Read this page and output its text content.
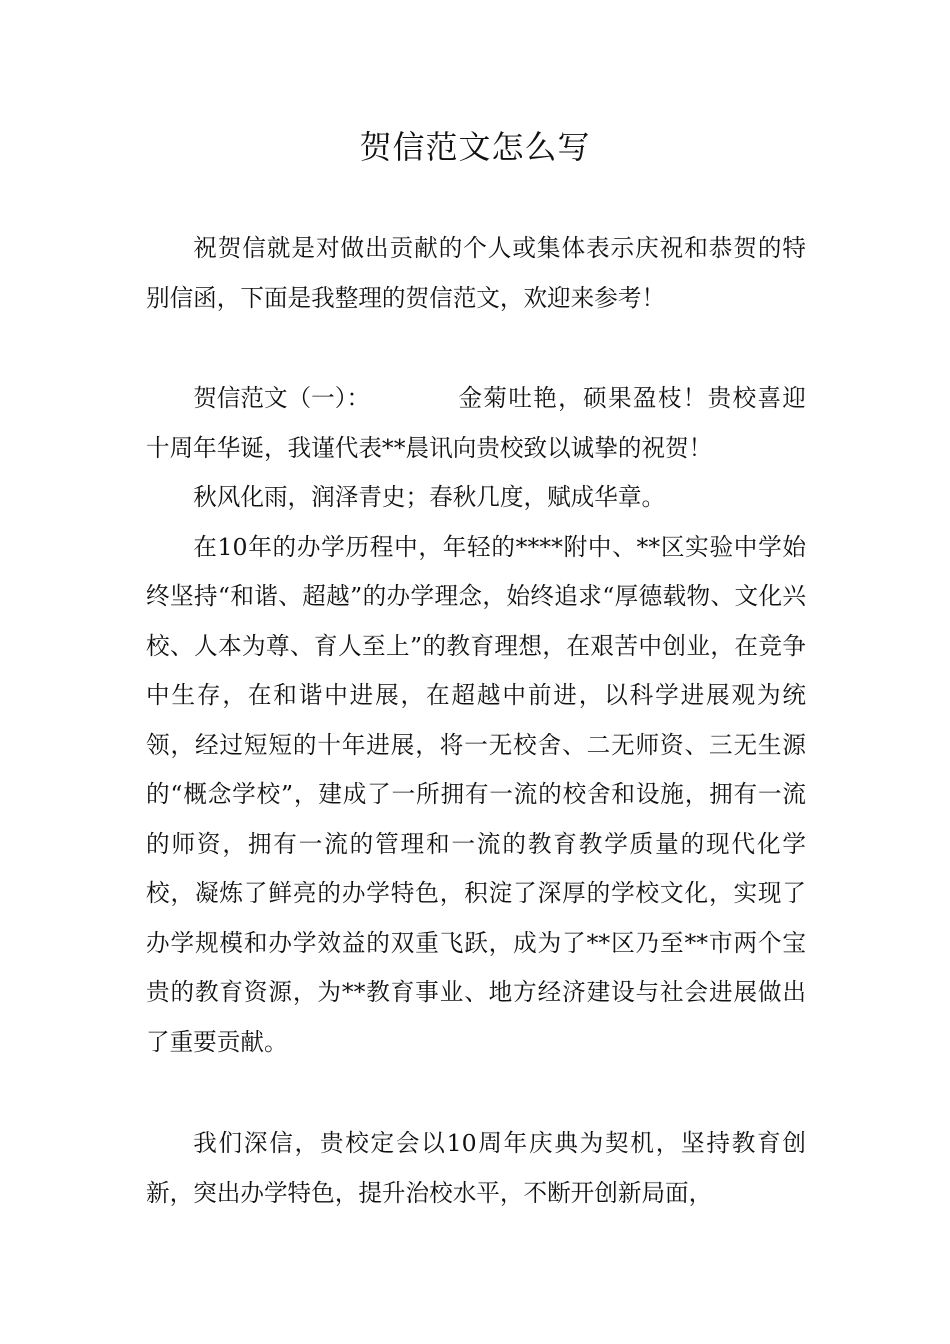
贺信范文怎么写

祝贺信就是对做出贡献的个人或集体表示庆祝和恭贺的特别信函，下面是我整理的贺信范文，欢迎来参考！

贺信范文（一）：	金菊吐艳，硕果盈枝！贵校喜迎十周年华诞，我谨代表**晨讯向贵校致以诚挚的祝贺！

秋风化雨，润泽青史；春秋几度，赋成华章。

在10年的办学历程中，年轻的****附中、**区实验中学始终坚持“和谐、超越”的办学理念，始终追求“厚德载物、文化兴校、人本为尊、育人至上”的教育理想，在艰苦中创业，在竞争中生存，在和谐中进展，在超越中前进，以科学进展观为统领，经过短短的十年进展，将一无校舍、二无师资、三无生源的“概念学校”，建成了一所拥有一流的校舍和设施，拥有一流的师资，拥有一流的管理和一流的教育教学质量的现代化学校，凝炼了鲜亮的办学特色，积淀了深厚的学校文化，实现了办学规模和办学效益的双重飞跃，成为了**区乃至**市两个宝贵的教育资源，为**教育事业、地方经济建设与社会进展做出了重要贡献。

我们深信，贵校定会以10周年庆典为契机，坚持教育创新，突出办学特色，提升治校水平，不断开创新局面，
